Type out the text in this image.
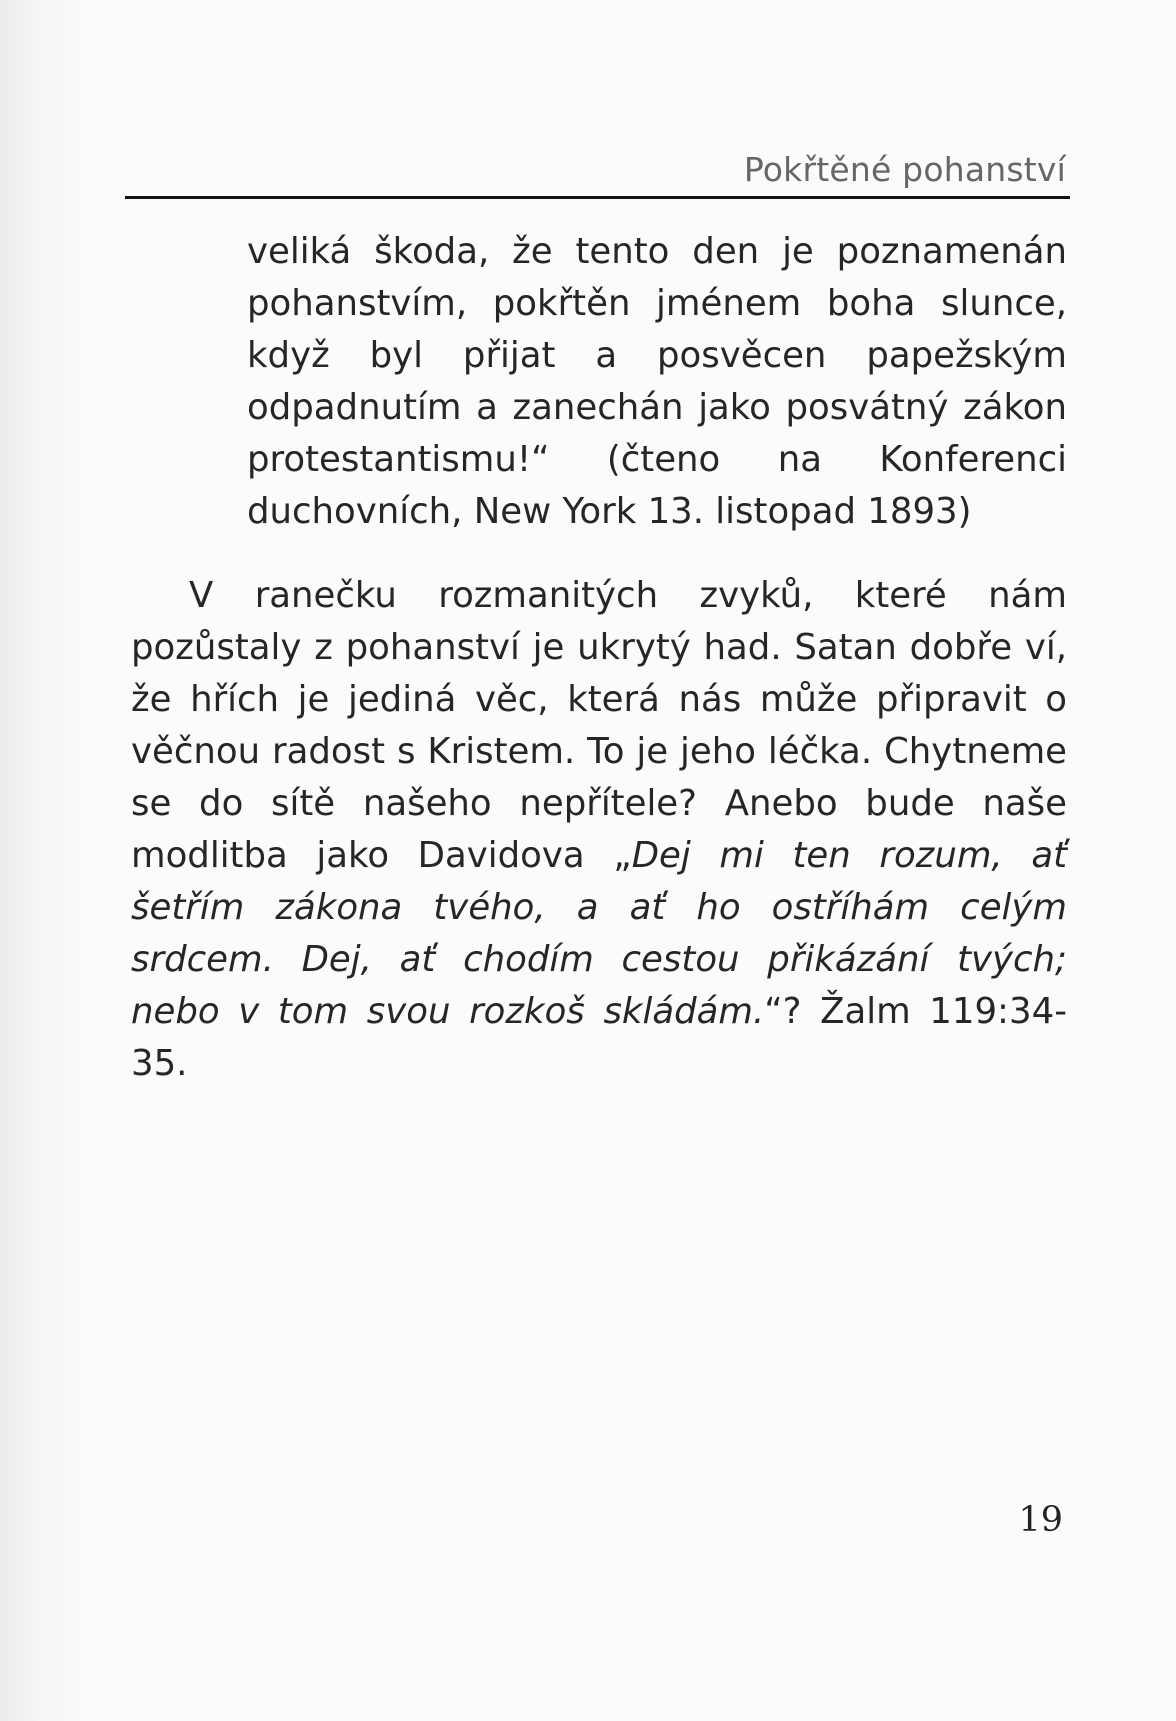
Pokřtěné pohanství

veliká škoda, že tento den je poznamenán pohanstvím, pokřtěn jménem boha slunce, když byl přijat a posvěcen papežským odpadnutím a zanechán jako posvátný zákon protestantismu!“ (čteno na Konferenci duchovních, New York 13. listopad 1893)

V ranečku rozmanitých zvyků, které nám pozůstaly z pohanství je ukrytý had. Satan dobře ví, že hřích je jediná věc, která nás může připravit o věčnou radost s Kristem. To je jeho léčka. Chytneme se do sítě našeho nepřítele? Anebo bude naše modlitba jako Davidova „Dej mi ten rozum, ať šetřím zákona tvého, a ať ho ostříhám celým srdcem. Dej, ať chodím cestou přikázání tvých; nebo v tom svou rozkoš skládám.“? Žalm 119:34-35.

19
